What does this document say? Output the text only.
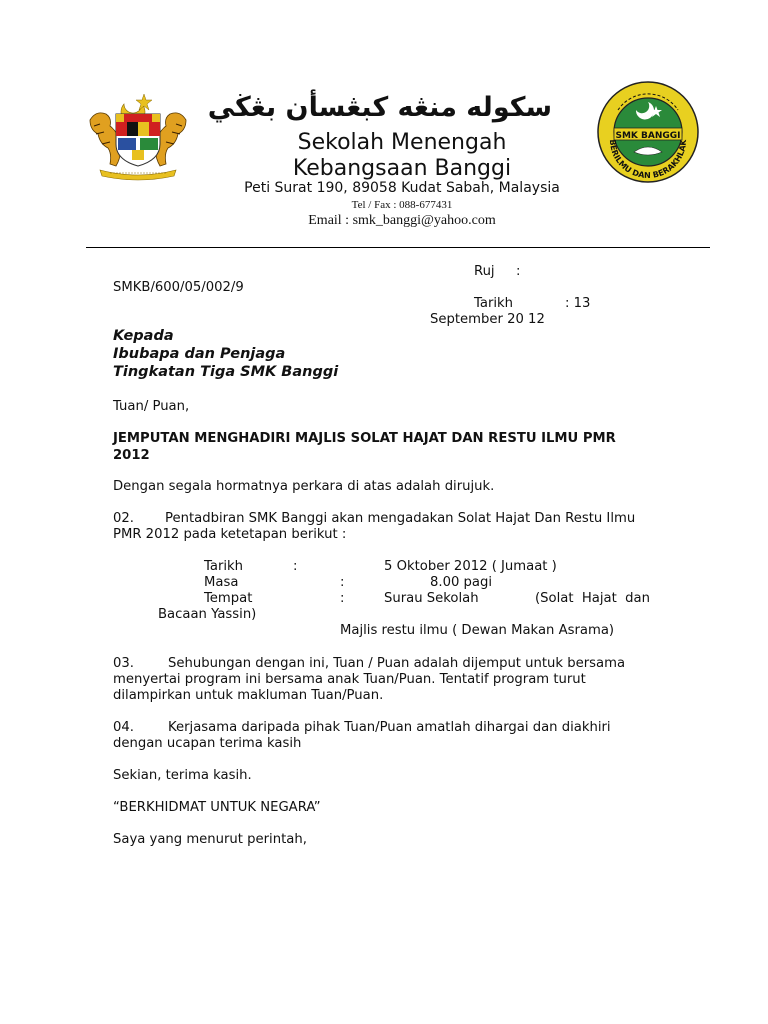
سكوله منڠه كبڠسأن بڠڬي
Sekolah Menengah
Kebangsaan Banggi
Peti Surat 190, 89058 Kudat Sabah, Malaysia
Tel / Fax : 088-677431
Email : smk_banggi@yahoo.com
SMK BANGGI
BERILMU DAN BERAKHLAK
Ruj :
SMKB/600/05/002/9
Tarikh	: 13
September 20 12
Kepada
Ibubapa dan Penjaga
Tingkatan Tiga SMK Banggi
Tuan/ Puan,
JEMPUTAN MENGHADIRI MAJLIS SOLAT HAJAT DAN RESTU ILMU PMR
2012
Dengan segala hormatnya perkara di atas adalah dirujuk.
02. Pentadbiran SMK Banggi akan mengadakan Solat Hajat Dan Restu Ilmu
PMR 2012 pada ketetapan berikut :
Tarikh	:	5 Oktober 2012 ( Jumaat )
Masa	:	8.00 pagi
Tempat	:	Surau Sekolah	(Solat  Hajat  dan
Bacaan Yassin)
Majlis restu ilmu ( Dewan Makan Asrama)
03.	Sehubungan dengan ini, Tuan / Puan adalah dijemput untuk bersama
menyertai program ini bersama anak Tuan/Puan. Tentatif program turut
dilampirkan untuk makluman Tuan/Puan.
04.	Kerjasama daripada pihak Tuan/Puan amatlah dihargai dan diakhiri
dengan ucapan terima kasih
Sekian, terima kasih.
“BERKHIDMAT UNTUK NEGARA”
Saya yang menurut perintah,
